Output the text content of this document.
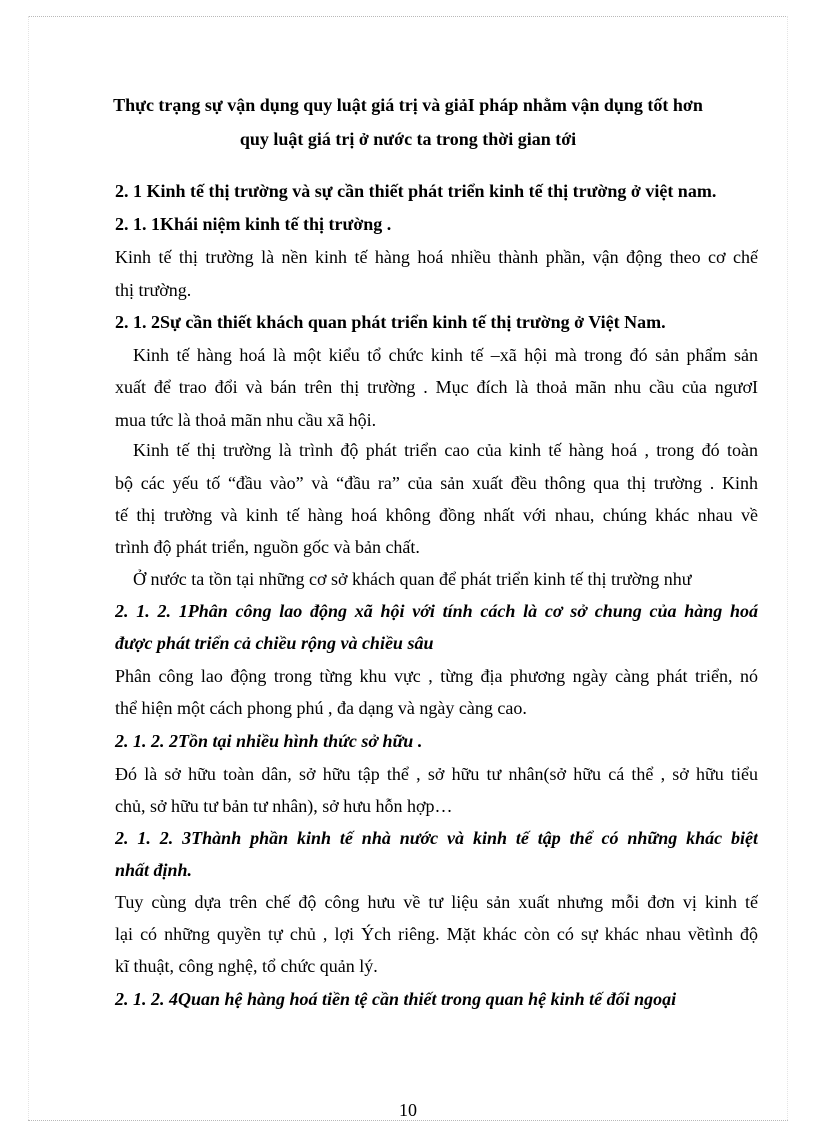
Thực trạng sự vận dụng quy luật giá trị và giảI pháp nhằm vận dụng tốt hơn
quy luật giá trị ở nước ta trong thời gian tới
2. 1 Kinh tế thị trường và sự cần thiết phát triển kinh tế thị trường ở việt nam.
2. 1. 1Khái niệm kinh tế thị trường .
Kinh tế thị trường là nền kinh tế hàng hoá nhiều thành phần, vận động theo cơ chế
thị trường.
2. 1. 2Sự cần thiết khách quan phát triển kinh tế thị trường ở Việt Nam.
Kinh tế hàng hoá là một kiểu tổ chức kinh tế –xã hội mà trong đó sản phẩm sản
xuất để trao đổi và bán trên thị trường . Mục đích là thoả mãn nhu cầu của ngươI
mua tức là thoả mãn nhu cầu xã hội.
Kinh tế thị trường là trình độ phát triển cao của kinh tế hàng hoá , trong đó toàn
bộ các yếu tố “đầu vào” và “đầu ra” của sản xuất đều thông qua thị trường . Kinh
tế thị trường và kinh tế hàng hoá không đồng nhất với nhau, chúng khác nhau về
trình độ phát triển, nguồn gốc và bản chất.
Ở nước ta tồn tại những cơ sở khách quan để phát triển kinh tế thị trường như
2. 1. 2. 1Phân công lao động xã hội với tính cách là cơ sở chung của hàng hoá
được phát triển cả chiều rộng và chiều sâu
Phân công lao động trong từng khu vực , từng địa phương ngày càng phát triển, nó
thể hiện một cách phong phú , đa dạng và ngày càng cao.
2. 1. 2. 2Tồn tại nhiều hình thức sở hữu .
Đó là sở hữu toàn dân, sở hữu tập thể , sở hữu tư nhân(sở hữu cá thể , sở hữu tiểu
chủ, sở hữu tư bản tư nhân), sở hưu hỗn hợp…
2. 1. 2. 3Thành phần kinh tế nhà nước và kinh tế tập thể có những khác biệt
nhất định.
Tuy cùng dựa trên chế độ công hưu về tư liệu sản xuất nhưng mỗi đơn vị kinh tế
lại có những quyền tự chủ , lợi Ých riêng. Mặt khác còn có sự khác nhau vềtình độ
kĩ thuật, công nghệ, tổ chức quản lý.
2. 1. 2. 4Quan hệ hàng hoá tiền tệ cần thiết trong quan hệ kinh tế đối ngoại
10
